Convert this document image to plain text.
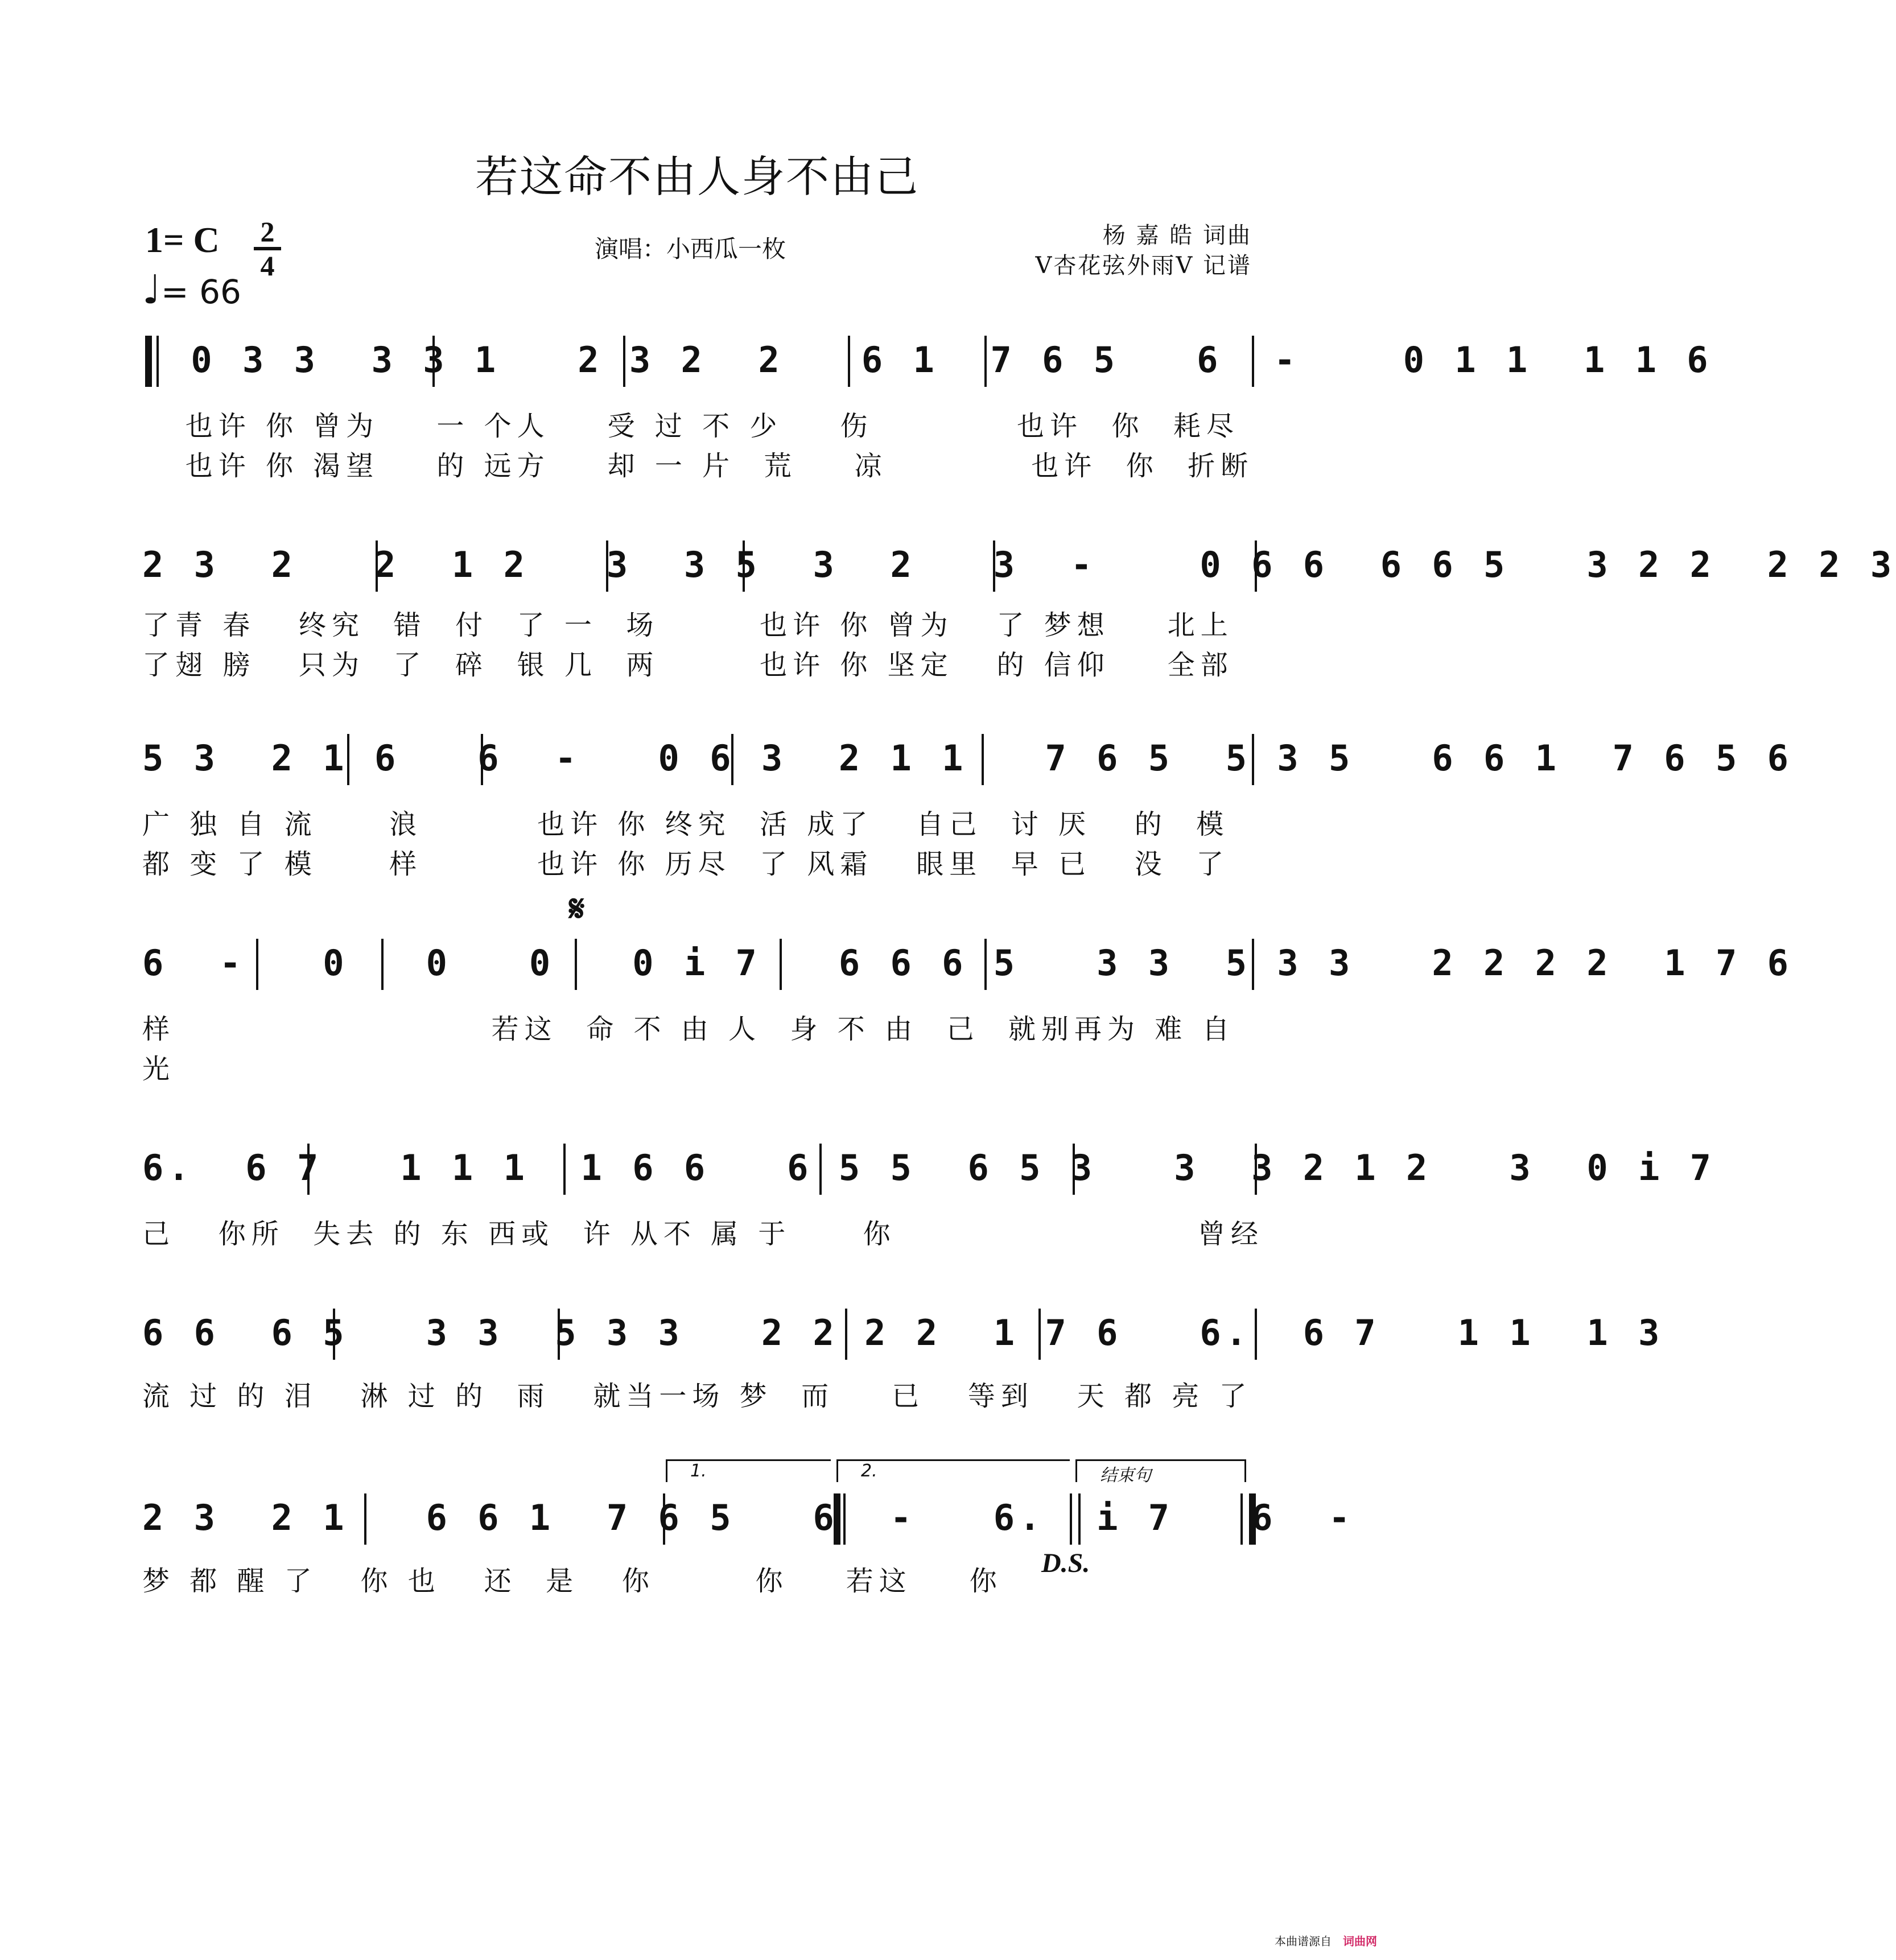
若这命不由人身不由己
1= C	2
4
♩= 66
演唱：小西瓜一枚	杨 嘉 皓 词曲
V杏花弦外雨V 记谱
0 3 3  3 3 1   2 3 2  2   6 1  7 6 5   6  -    0 1 1  1 1 6
也许 你 曾为    一 个人    受 过 不 少    伤          也许  你  耗尽
也许 你 渴望    的 远方    却 一 片  荒    凉          也许  你  折断
2 3  2   2  1 2   3  3 5  3  2   3  -    0 6 6  6 6 5   3 2 2  2 2 3
了青 春   终究  错  付  了 一  场       也许 你 曾为   了 梦想    北上
了翅 膀   只为  了  碎  银 几  两       也许 你 坚定   的 信仰    全部
5 3  2 1 6   6  -   0 6 3  2 1 1   7 6 5  5 3 5   6 6 1  7 6 5 6
广 独 自 流     浪        也许 你 终究  活 成了   自己  讨 厌   的  模
都 变 了 模     样        也许 你 历尽  了 风霜   眼里  早 已   没  了
𝄋
6  -   0   0   0   0 i 7   6 6 6 5   3 3  5 3 3   2 2 2 2  1 7 6
样                      若这  命 不 由 人  身 不 由  己  就别再为 难 自
光
6.  6 7   1 1 1  1 6 6   6 5 5  6 5 3   3  3 2 1 2   3  0 i 7
己   你所  失去 的 东 西或  许 从不 属 于     你                     曾经
6 6  6 5   3 3  5 3 3   2 2 2 2  1 7 6   6.  6 7   1 1  1 3
流 过 的 泪   淋 过 的  雨   就当一场 梦  而    已   等到   天 都 亮 了
1.	2.	结束句
2 3  2 1   6 6 1  7 6 5   6  -   6.  i 7   6  -
梦 都 醒 了   你 也   还  是   你       你    若这    你
D.S.
本曲谱源自 词曲网
